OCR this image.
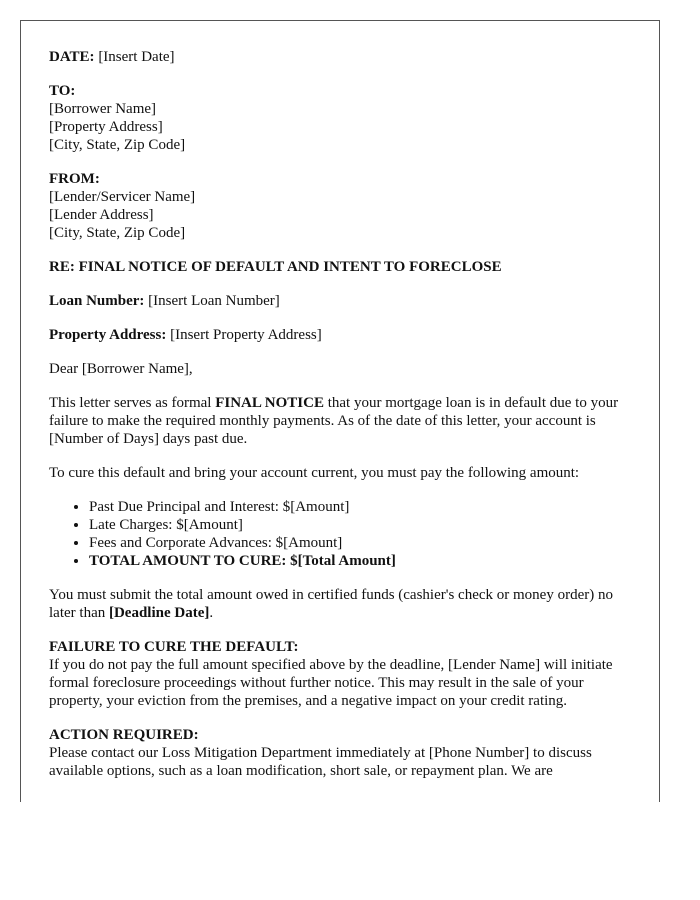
DATE: [Insert Date]
TO:
[Borrower Name]
[Property Address]
[City, State, Zip Code]
FROM:
[Lender/Servicer Name]
[Lender Address]
[City, State, Zip Code]
RE: FINAL NOTICE OF DEFAULT AND INTENT TO FORECLOSE
Loan Number: [Insert Loan Number]
Property Address: [Insert Property Address]
Dear [Borrower Name],
This letter serves as formal FINAL NOTICE that your mortgage loan is in default due to your failure to make the required monthly payments. As of the date of this letter, your account is [Number of Days] days past due.
To cure this default and bring your account current, you must pay the following amount:
• Past Due Principal and Interest: $[Amount]
• Late Charges: $[Amount]
• Fees and Corporate Advances: $[Amount]
• TOTAL AMOUNT TO CURE: $[Total Amount]
You must submit the total amount owed in certified funds (cashier's check or money order) no later than [Deadline Date].
FAILURE TO CURE THE DEFAULT:
If you do not pay the full amount specified above by the deadline, [Lender Name] will initiate formal foreclosure proceedings without further notice. This may result in the sale of your property, your eviction from the premises, and a negative impact on your credit rating.
ACTION REQUIRED:
Please contact our Loss Mitigation Department immediately at [Phone Number] to discuss available options, such as a loan modification, short sale, or repayment plan. We are
